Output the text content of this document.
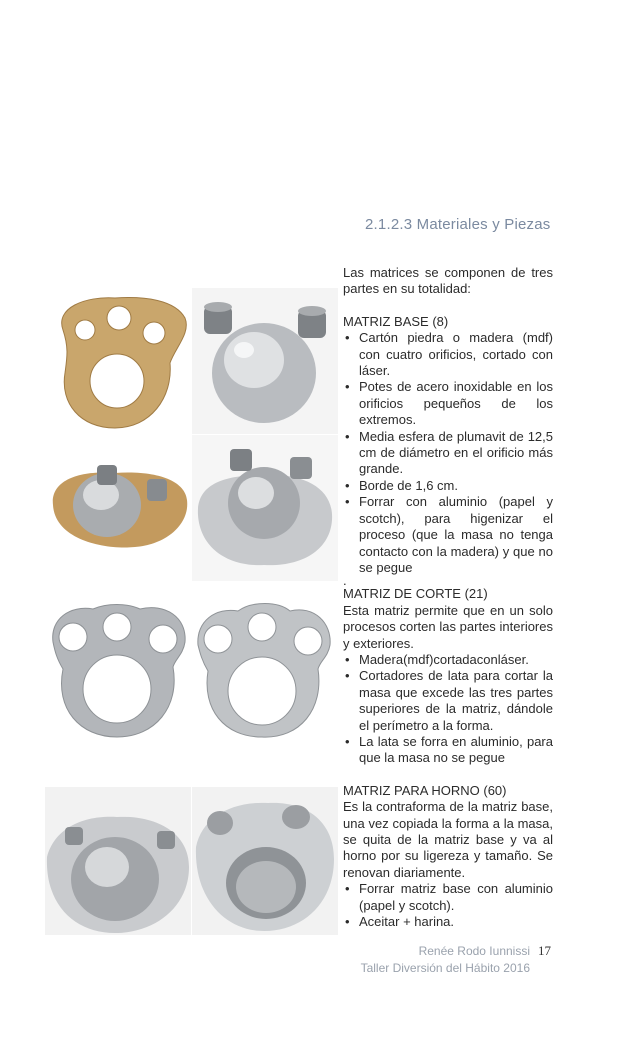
2.1.2.3 Materiales y Piezas

Las matrices se componen de tres partes en su totalidad:

MATRIZ BASE (8)

• Cartón piedra o madera (mdf) con cuatro orificios, cortado con láser.
• Potes de acero inoxidable en los orificios pequeños de los extremos.
• Media esfera de plumavit de 12,5 cm de diámetro en el orificio más grande.
• Borde de 1,6 cm.
• Forrar con aluminio (papel y scotch), para higenizar el proceso (que la masa no tenga contacto con la madera) y que no se pegue

.

MATRIZ DE CORTE (21)

Esta matriz permite que en un solo procesos corten las partes interiores y exteriores.

• Madera(mdf)cortadaconláser.
• Cortadores de lata para cortar la masa que excede las tres partes superiores de la matriz, dándole el perímetro a la forma.
• La lata se forra en aluminio, para que la masa no se pegue

MATRIZ PARA HORNO (60)

Es la contraforma de la matriz base, una vez copiada la forma a la masa, se quita de la matriz base y va al horno por su ligereza y tamaño. Se renovan diariamente.

• Forrar matriz base con aluminio (papel y scotch).
• Aceitar + harina.
Renée Rodo Iunnissi
Taller Diversión del Hábito 2016
17
